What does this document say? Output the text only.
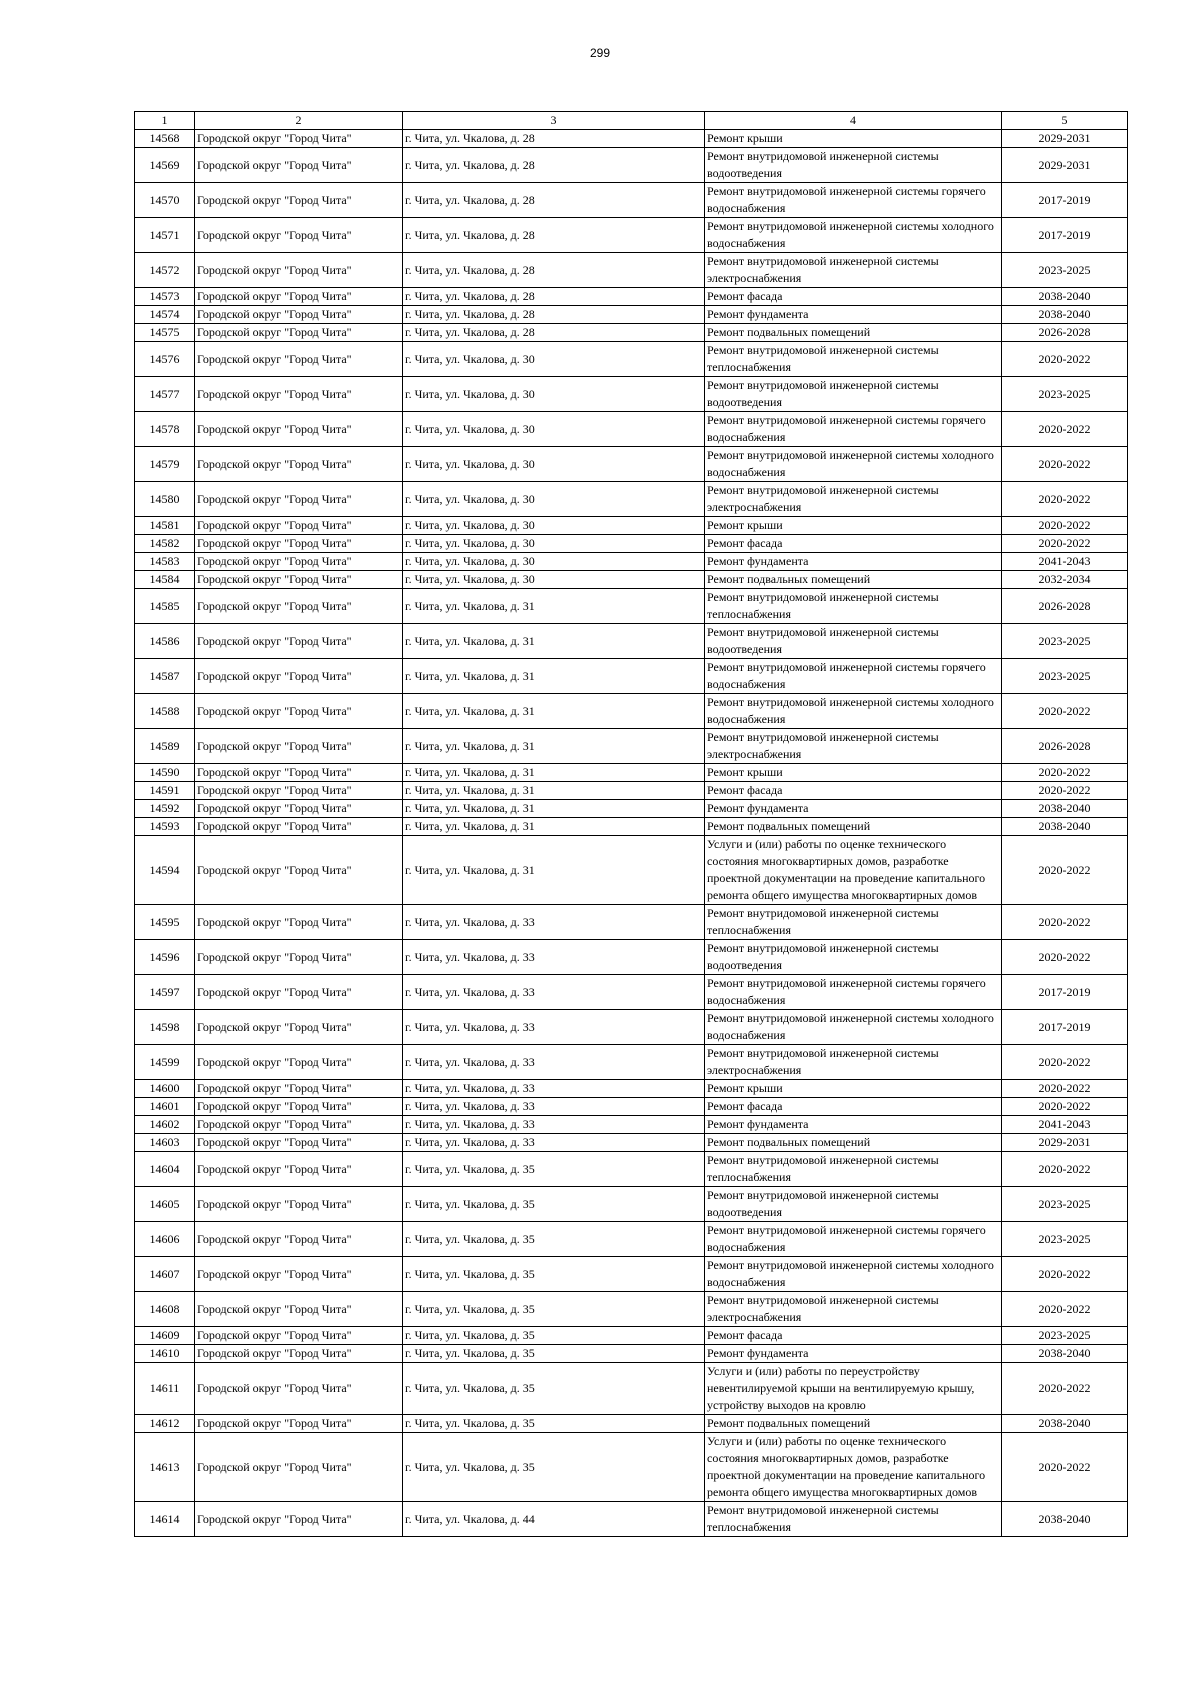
299
1	2	3	4	5
14568	Городской округ "Город Чита"	г. Чита, ул. Чкалова, д. 28	Ремонт крыши	2029-2031
14569	Городской округ "Город Чита"	г. Чита, ул. Чкалова, д. 28	Ремонт внутридомовой инженерной системы водоотведения	2029-2031
14570	Городской округ "Город Чита"	г. Чита, ул. Чкалова, д. 28	Ремонт внутридомовой инженерной системы горячего водоснабжения	2017-2019
14571	Городской округ "Город Чита"	г. Чита, ул. Чкалова, д. 28	Ремонт внутридомовой инженерной системы холодного водоснабжения	2017-2019
14572	Городской округ "Город Чита"	г. Чита, ул. Чкалова, д. 28	Ремонт внутридомовой инженерной системы электроснабжения	2023-2025
14573	Городской округ "Город Чита"	г. Чита, ул. Чкалова, д. 28	Ремонт фасада	2038-2040
14574	Городской округ "Город Чита"	г. Чита, ул. Чкалова, д. 28	Ремонт фундамента	2038-2040
14575	Городской округ "Город Чита"	г. Чита, ул. Чкалова, д. 28	Ремонт подвальных помещений	2026-2028
14576	Городской округ "Город Чита"	г. Чита, ул. Чкалова, д. 30	Ремонт внутридомовой инженерной системы теплоснабжения	2020-2022
14577	Городской округ "Город Чита"	г. Чита, ул. Чкалова, д. 30	Ремонт внутридомовой инженерной системы водоотведения	2023-2025
14578	Городской округ "Город Чита"	г. Чита, ул. Чкалова, д. 30	Ремонт внутридомовой инженерной системы горячего водоснабжения	2020-2022
14579	Городской округ "Город Чита"	г. Чита, ул. Чкалова, д. 30	Ремонт внутридомовой инженерной системы холодного водоснабжения	2020-2022
14580	Городской округ "Город Чита"	г. Чита, ул. Чкалова, д. 30	Ремонт внутридомовой инженерной системы электроснабжения	2020-2022
14581	Городской округ "Город Чита"	г. Чита, ул. Чкалова, д. 30	Ремонт крыши	2020-2022
14582	Городской округ "Город Чита"	г. Чита, ул. Чкалова, д. 30	Ремонт фасада	2020-2022
14583	Городской округ "Город Чита"	г. Чита, ул. Чкалова, д. 30	Ремонт фундамента	2041-2043
14584	Городской округ "Город Чита"	г. Чита, ул. Чкалова, д. 30	Ремонт подвальных помещений	2032-2034
14585	Городской округ "Город Чита"	г. Чита, ул. Чкалова, д. 31	Ремонт внутридомовой инженерной системы теплоснабжения	2026-2028
14586	Городской округ "Город Чита"	г. Чита, ул. Чкалова, д. 31	Ремонт внутридомовой инженерной системы водоотведения	2023-2025
14587	Городской округ "Город Чита"	г. Чита, ул. Чкалова, д. 31	Ремонт внутридомовой инженерной системы горячего водоснабжения	2023-2025
14588	Городской округ "Город Чита"	г. Чита, ул. Чкалова, д. 31	Ремонт внутридомовой инженерной системы холодного водоснабжения	2020-2022
14589	Городской округ "Город Чита"	г. Чита, ул. Чкалова, д. 31	Ремонт внутридомовой инженерной системы электроснабжения	2026-2028
14590	Городской округ "Город Чита"	г. Чита, ул. Чкалова, д. 31	Ремонт крыши	2020-2022
14591	Городской округ "Город Чита"	г. Чита, ул. Чкалова, д. 31	Ремонт фасада	2020-2022
14592	Городской округ "Город Чита"	г. Чита, ул. Чкалова, д. 31	Ремонт фундамента	2038-2040
14593	Городской округ "Город Чита"	г. Чита, ул. Чкалова, д. 31	Ремонт подвальных помещений	2038-2040
14594	Городской округ "Город Чита"	г. Чита, ул. Чкалова, д. 31	Услуги и (или) работы по оценке технического состояния многоквартирных домов, разработке проектной документации на проведение капитального ремонта общего имущества многоквартирных домов	2020-2022
14595	Городской округ "Город Чита"	г. Чита, ул. Чкалова, д. 33	Ремонт внутридомовой инженерной системы теплоснабжения	2020-2022
14596	Городской округ "Город Чита"	г. Чита, ул. Чкалова, д. 33	Ремонт внутридомовой инженерной системы водоотведения	2020-2022
14597	Городской округ "Город Чита"	г. Чита, ул. Чкалова, д. 33	Ремонт внутридомовой инженерной системы горячего водоснабжения	2017-2019
14598	Городской округ "Город Чита"	г. Чита, ул. Чкалова, д. 33	Ремонт внутридомовой инженерной системы холодного водоснабжения	2017-2019
14599	Городской округ "Город Чита"	г. Чита, ул. Чкалова, д. 33	Ремонт внутридомовой инженерной системы электроснабжения	2020-2022
14600	Городской округ "Город Чита"	г. Чита, ул. Чкалова, д. 33	Ремонт крыши	2020-2022
14601	Городской округ "Город Чита"	г. Чита, ул. Чкалова, д. 33	Ремонт фасада	2020-2022
14602	Городской округ "Город Чита"	г. Чита, ул. Чкалова, д. 33	Ремонт фундамента	2041-2043
14603	Городской округ "Город Чита"	г. Чита, ул. Чкалова, д. 33	Ремонт подвальных помещений	2029-2031
14604	Городской округ "Город Чита"	г. Чита, ул. Чкалова, д. 35	Ремонт внутридомовой инженерной системы теплоснабжения	2020-2022
14605	Городской округ "Город Чита"	г. Чита, ул. Чкалова, д. 35	Ремонт внутридомовой инженерной системы водоотведения	2023-2025
14606	Городской округ "Город Чита"	г. Чита, ул. Чкалова, д. 35	Ремонт внутридомовой инженерной системы горячего водоснабжения	2023-2025
14607	Городской округ "Город Чита"	г. Чита, ул. Чкалова, д. 35	Ремонт внутридомовой инженерной системы холодного водоснабжения	2020-2022
14608	Городской округ "Город Чита"	г. Чита, ул. Чкалова, д. 35	Ремонт внутридомовой инженерной системы электроснабжения	2020-2022
14609	Городской округ "Город Чита"	г. Чита, ул. Чкалова, д. 35	Ремонт фасада	2023-2025
14610	Городской округ "Город Чита"	г. Чита, ул. Чкалова, д. 35	Ремонт фундамента	2038-2040
14611	Городской округ "Город Чита"	г. Чита, ул. Чкалова, д. 35	Услуги и (или) работы по переустройству невентилируемой крыши на вентилируемую крышу, устройству выходов на кровлю	2020-2022
14612	Городской округ "Город Чита"	г. Чита, ул. Чкалова, д. 35	Ремонт подвальных помещений	2038-2040
14613	Городской округ "Город Чита"	г. Чита, ул. Чкалова, д. 35	Услуги и (или) работы по оценке технического состояния многоквартирных домов, разработке проектной документации на проведение капитального ремонта общего имущества многоквартирных домов	2020-2022
14614	Городской округ "Город Чита"	г. Чита, ул. Чкалова, д. 44	Ремонт внутридомовой инженерной системы теплоснабжения	2038-2040
